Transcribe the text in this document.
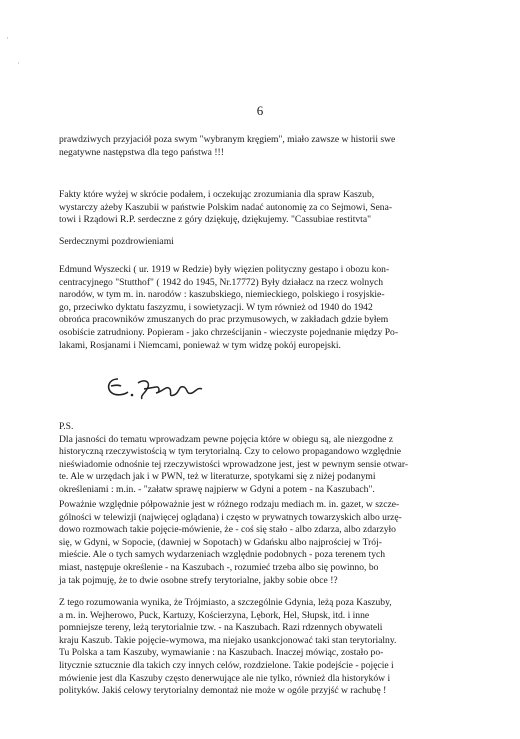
·
˙
6

prawdziwych przyjaciół poza swym "wybranym kręgiem", miało zawsze w historii swe

negatywne następstwa dla tego państwa !!!

Fakty które wyżej w skrócie podałem, i oczekując zrozumiania dla spraw Kaszub,

wystarczy ażeby Kaszubii w państwie Polskim nadać autonomię za co Sejmowi, Sena-

towi i Rządowi R.P. serdeczne z góry dziękuję, dziękujemy. "Cassubiae restitvta"

Serdecznymi pozdrowieniami

Edmund Wyszecki ( ur. 1919 w Redzie) były więzien polityczny gestapo i obozu kon-

centracyjnego "Stutthof" ( 1942 do 1945, Nr.17772) Były działacz na rzecz wolnych

narodów, w tym m. in. narodów : kaszubskiego, niemieckiego, polskiego i rosyjskie-

go, przeciwko dyktatu faszyzmu, i sowietyzacji. W tym również od 1940 do 1942

obrońca pracowników zmuszanych do prac przymusowych, w zakładach gdzie byłem

osobiście zatrudniony. Popieram - jako chrześcijanin - wieczyste pojednanie między Po-

lakami, Rosjanami i Niemcami, ponieważ w tym widzę pokój europejski.

P.S.

Dla jasności do tematu wprowadzam pewne pojęcia które w obiegu są, ale niezgodne z

historyczną rzeczywistością w tym terytorialną. Czy to celowo propagandowo względnie

nieświadomie odnośnie tej rzeczywistości wprowadzone jest, jest w pewnym sensie otwar-

te. Ale w urzędach jak i w PWN, też w literaturze, spotykami się z niżej podanymi

określeniami : m.in. - "załatw sprawę najpierw w Gdyni a potem - na Kaszubach".

Poważnie względnie półpoważnie jest w różnego rodzaju mediach m. in. gazet, w szcze-

gólności w telewizji (najwięcej oglądana) i często w prywatnych towarzyskich albo urzę-

dowo rozmowach takie pojęcie-mówienie, że - coś się stało - albo zdarza, albo zdarzyło

się, w Gdyni, w Sopocie, (dawniej w Sopotach) w Gdańsku albo najprościej w Trój-

mieście. Ale o tych samych wydarzeniach względnie podobnych - poza terenem tych

miast, następuje określenie - na Kaszubach -, rozumieć trzeba albo się powinno, bo

ja tak pojmuję, że to dwie osobne strefy terytorialne, jakby sobie obce !?

Z tego rozumowania wynika, że Trójmiasto, a szczególnie Gdynia, leżą poza Kaszuby,

a m. in. Wejherowo, Puck, Kartuzy, Kościerzyna, Lębork, Hel, Słupsk, itd. i inne

pomniejsze tereny, leżą terytorialnie tzw. - na Kaszubach. Razi rdzennych obywateli

kraju Kaszub. Takie pojęcie-wymowa, ma niejako usankcjonować taki stan terytorialny.

Tu Polska a tam Kaszuby, wymawianie : na Kaszubach. Inaczej mówiąc, zostało po-

litycznie sztucznie dla takich czy innych celów, rozdzielone. Takie podejście - pojęcie i

mówienie jest dla Kaszuby często denerwujące ale nie tylko, również dla historyków i

polityków. Jakiś celowy terytorialny demontaż nie może w ogóle przyjść w rachubę !
